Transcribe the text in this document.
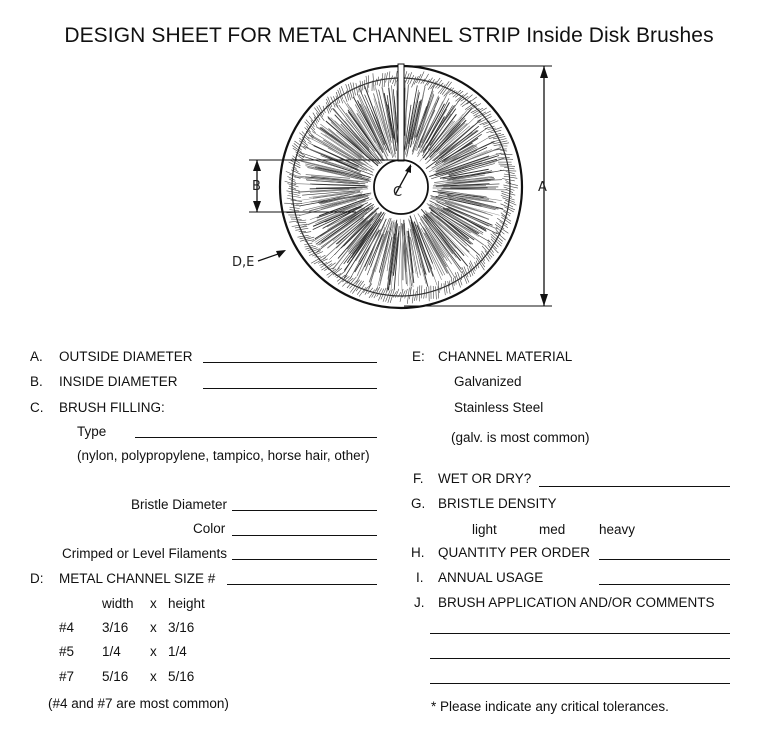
DESIGN SHEET FOR METAL CHANNEL STRIP Inside Disk Brushes
A
B	C
D,E
A. OUTSIDE DIAMETER
B. INSIDE DIAMETER
C. BRUSH FILLING:
Type
(nylon, polypropylene, tampico, horse hair, other)
Bristle Diameter
Color
Crimped or Level Filaments
D: METAL CHANNEL SIZE #
width x height
#4 3/16 x 3/16
#5 1/4 x 1/4
#7 5/16 x 5/16
(#4 and #7 are most common)
E: CHANNEL MATERIAL
Galvanized
Stainless Steel
(galv. is most common)
F. WET OR DRY?
G. BRISTLE DENSITY
light	med heavy
H. QUANTITY PER ORDER
I. ANNUAL USAGE
J. BRUSH APPLICATION AND/OR COMMENTS
* Please indicate any critical tolerances.
